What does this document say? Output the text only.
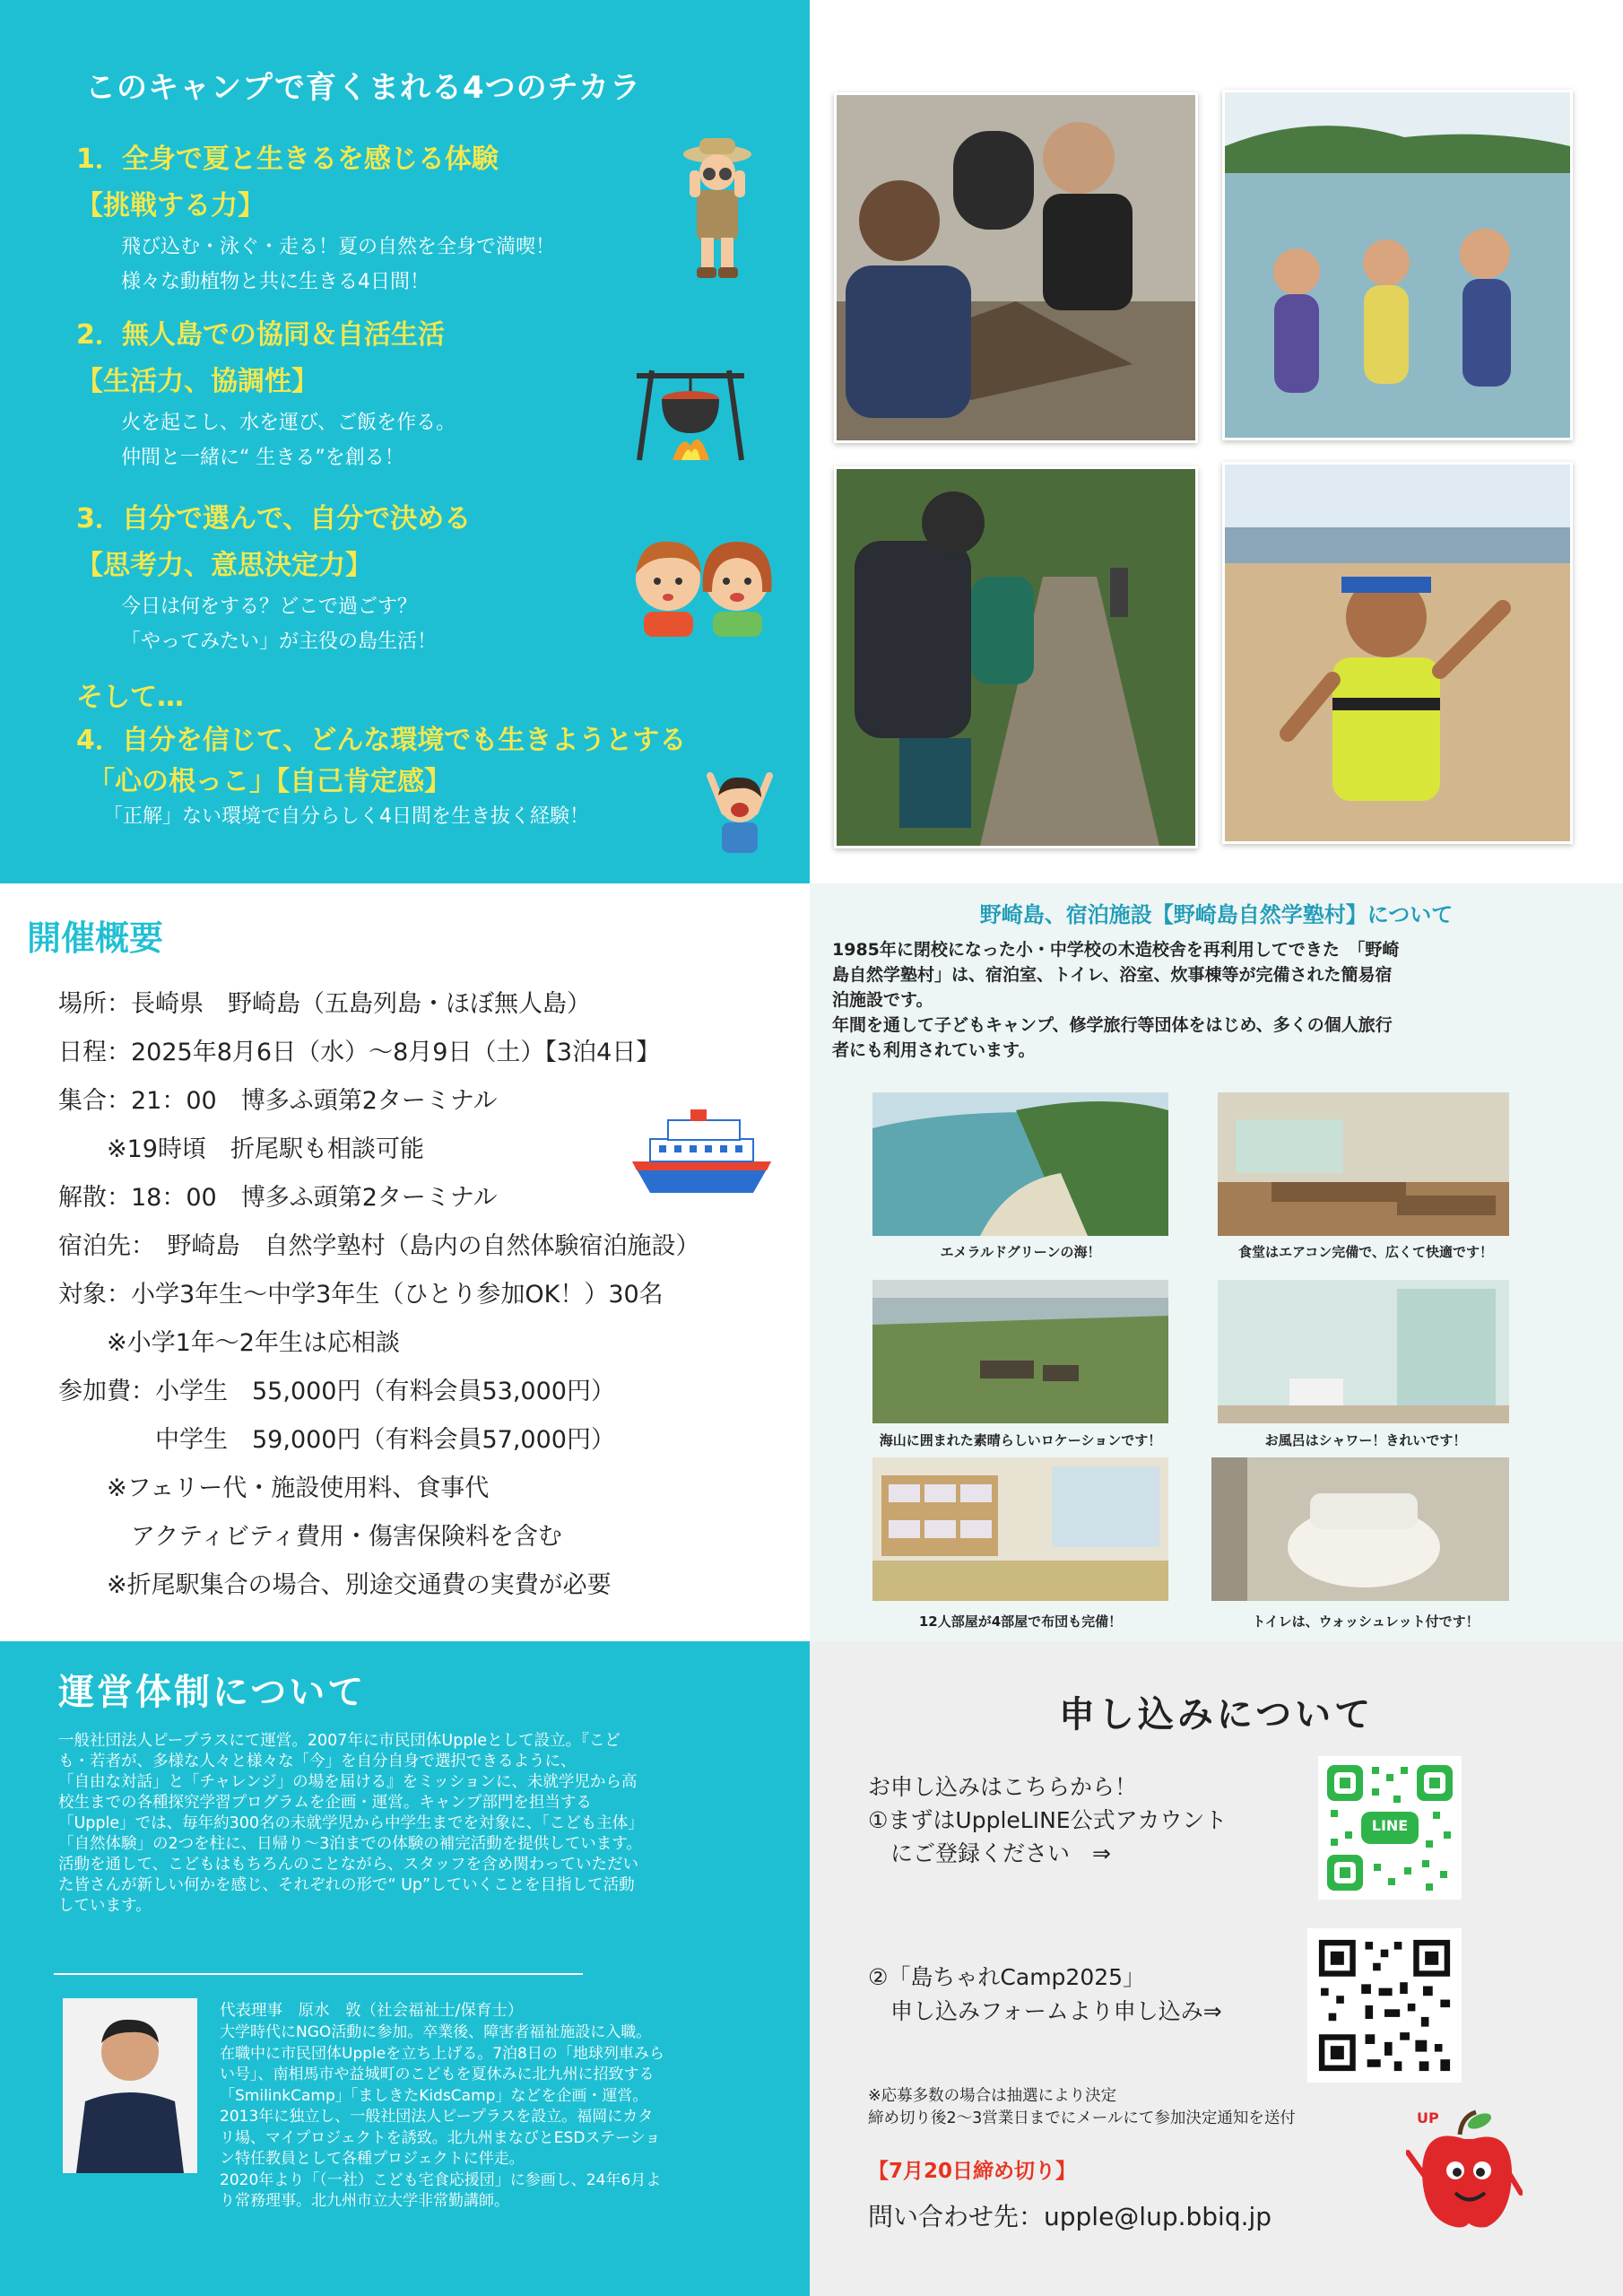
このキャンプで育くまれる4つのチカラ
1．全身で夏と生きるを感じる体験
【挑戦する力】
飛び込む・泳ぐ・走る！夏の自然を全身で満喫！
様々な動植物と共に生きる4日間！
2．無人島での協同＆自活生活
【生活力、協調性】
火を起こし、水を運び、ご飯を作る。
仲間と一緒に“ 生きる”を創る！
3．自分で選んで、自分で決める
【思考力、意思決定力】
今日は何をする？どこで過ごす？
「やってみたい」が主役の島生活！
そして…
4．自分を信じて、どんな環境でも生きようとする
「心の根っこ」【自己肯定感】
「正解」ない環境で自分らしく4日間を生き抜く経験！
開催概要
場所：長崎県　野崎島（五島列島・ほぼ無人島）
日程：2025年8月6日（水）～8月9日（土）【3泊4日】
集合：21：00　博多ふ頭第2ターミナル
　　※19時頃　折尾駅も相談可能
解散：18：00　博多ふ頭第2ターミナル
宿泊先：　野崎島　自然学塾村（島内の自然体験宿泊施設）
対象：小学3年生～中学3年生（ひとり参加OK！）30名
　　※小学1年～2年生は応相談
参加費：小学生　55,000円（有料会員53,000円）
　　　　中学生　59,000円（有料会員57,000円）
　　※フェリー代・施設使用料、食事代
　　　アクティビティ費用・傷害保険料を含む
　　※折尾駅集合の場合、別途交通費の実費が必要
野崎島、宿泊施設【野崎島自然学塾村】について
1985年に閉校になった小・中学校の木造校舎を再利用してできた　「野崎
島自然学塾村」は、宿泊室、トイレ、浴室、炊事棟等が完備された簡易宿
泊施設です。
年間を通して子どもキャンプ、修学旅行等団体をはじめ、多くの個人旅行
者にも利用されています。
エメラルドグリーンの海！	食堂はエアコン完備で、広くて快適です！
海山に囲まれた素晴らしいロケーションです！	お風呂はシャワー！きれいです！
12人部屋が4部屋で布団も完備！	トイレは、ウォッシュレット付です！
運営体制について
一般社団法人ピープラスにて運営。2007年に市民団体Uppleとして設立。『こど
も・若者が、多様な人々と様々な「今」を自分自身で選択できるように、
「自由な対話」と「チャレンジ」の場を届ける』をミッションに、未就学児から高
校生までの各種探究学習プログラムを企画・運営。キャンプ部門を担当する
「Upple」では、毎年約300名の未就学児から中学生までを対象に、「こども主体」
「自然体験」の2つを柱に、日帰り～3泊までの体験の補完活動を提供しています。
活動を通して、こどもはもちろんのことながら、スタッフを含め関わっていただい
た皆さんが新しい何かを感じ、それぞれの形で“ Up”していくことを目指して活動
しています。
代表理事　原水　敦（社会福祉士/保育士）
大学時代にNGO活動に参加。卒業後、障害者福祉施設に入職。
在職中に市民団体Uppleを立ち上げる。7泊8日の「地球列車みら
い号」、南相馬市や益城町のこどもを夏休みに北九州に招致する
「SmilinkCamp」「ましきたKidsCamp」などを企画・運営。
2013年に独立し、一般社団法人ピープラスを設立。福岡にカタ
リ場、マイプロジェクトを誘致。北九州まなびとESDステーショ
ン特任教員として各種プロジェクトに伴走。
2020年より「（一社）こども宅食応援団」に参画し、24年6月よ
り常務理事。北九州市立大学非常勤講師。
申し込みについて
お申し込みはこちらから！
①まずはUppleLINE公式アカウント
　にご登録ください　⇒
LINE
②「島ちゃれCamp2025」
　申し込みフォームより申し込み⇒
※応募多数の場合は抽選により決定
締め切り後2～3営業日までにメールにて参加決定通知を送付
【7月20日締め切り】
問い合わせ先：upple@lup.bbiq.jp
UP
